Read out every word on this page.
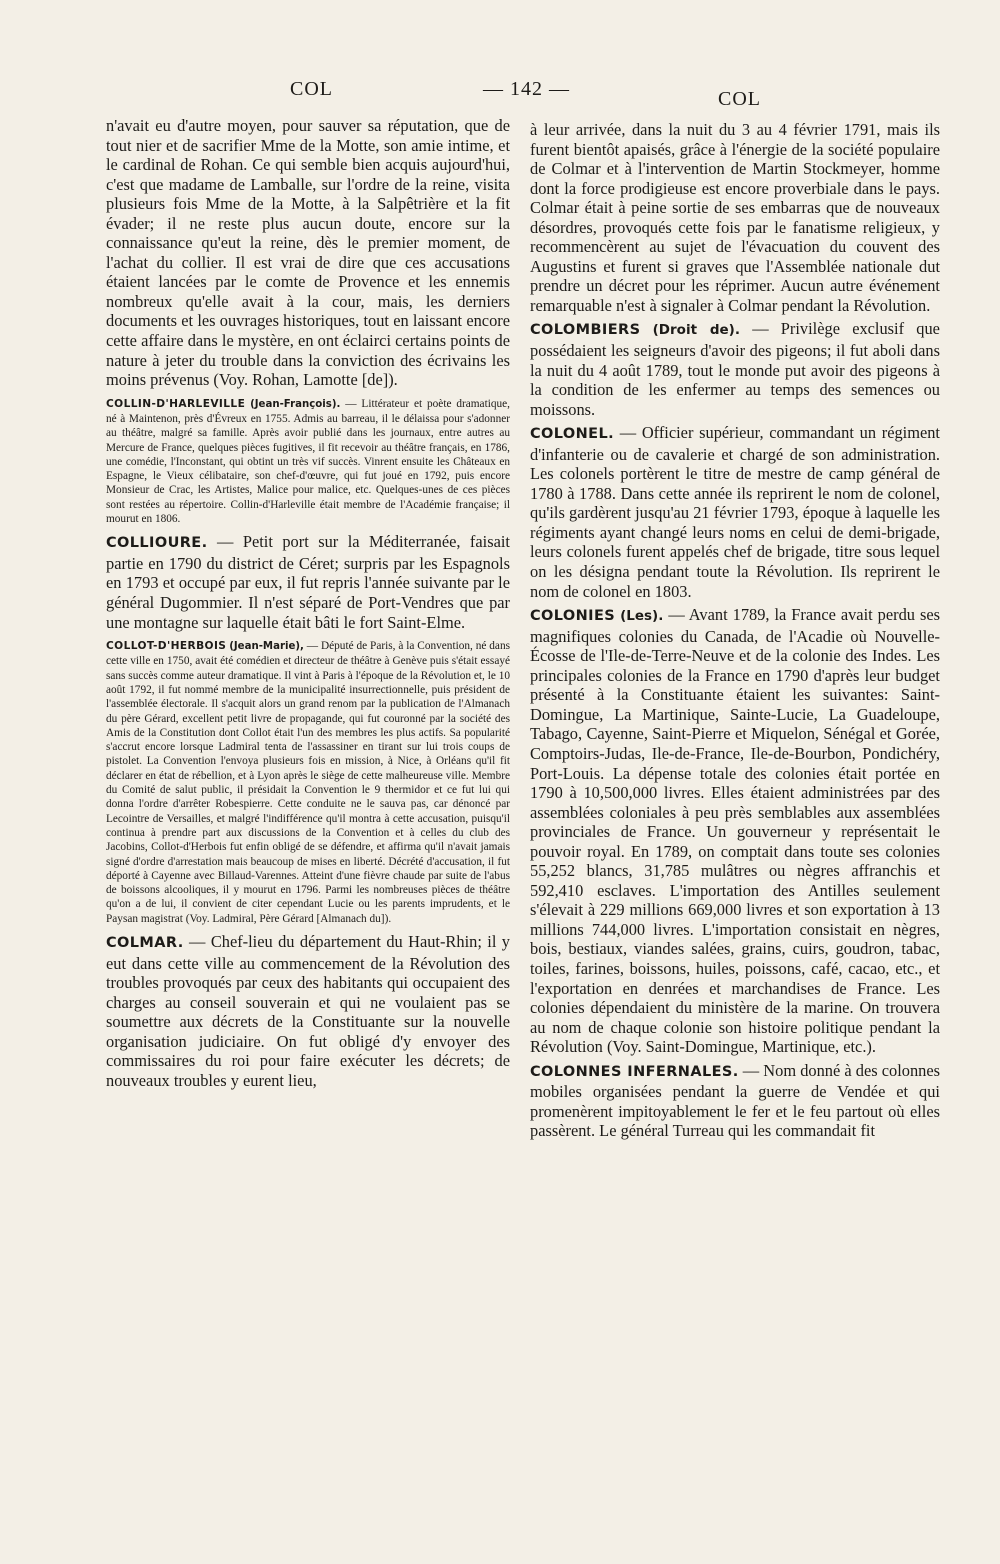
COL	— 142 —	COL

n'avait eu d'autre moyen, pour sauver sa réputation, que de tout nier et de sacrifier Mme de la Motte, son amie intime, et le cardinal de Rohan. Ce qui semble bien acquis aujourd'hui, c'est que madame de Lamballe, sur l'ordre de la reine, visita plusieurs fois Mme de la Motte, à la Salpêtrière et la fit évader; il ne reste plus aucun doute, encore sur la connaissance qu'eut la reine, dès le premier moment, de l'achat du collier. Il est vrai de dire que ces accusations étaient lancées par le comte de Provence et les ennemis nombreux qu'elle avait à la cour, mais, les derniers documents et les ouvrages historiques, tout en laissant encore cette affaire dans le mystère, en ont éclairci certains points de nature à jeter du trouble dans la conviction des écrivains les moins prévenus (Voy. Rohan, Lamotte [de]).

COLLIN-D'HARLEVILLE (Jean-François). — Littérateur et poète dramatique, né à Maintenon, près d'Évreux en 1755. Admis au barreau, il le délaissa pour s'adonner au théâtre, malgré sa famille. Après avoir publié dans les journaux, entre autres au Mercure de France, quelques pièces fugitives, il fit recevoir au théâtre français, en 1786, une comédie, l'Inconstant, qui obtint un très vif succès. Vinrent ensuite les Châteaux en Espagne, le Vieux célibataire, son chef-d'œuvre, qui fut joué en 1792, puis encore Monsieur de Crac, les Artistes, Malice pour malice, etc. Quelques-unes de ces pièces sont restées au répertoire. Collin-d'Harleville était membre de l'Académie française; il mourut en 1806.

COLLIOURE. — Petit port sur la Méditerranée, faisait partie en 1790 du district de Céret; surpris par les Espagnols en 1793 et occupé par eux, il fut repris l'année suivante par le général Dugommier. Il n'est séparé de Port-Vendres que par une montagne sur laquelle était bâti le fort Saint-Elme.

COLLOT-D'HERBOIS (Jean-Marie), — Député de Paris, à la Convention, né dans cette ville en 1750, avait été comédien et directeur de théâtre à Genève puis s'était essayé sans succès comme auteur dramatique. Il vint à Paris à l'époque de la Révolution et, le 10 août 1792, il fut nommé membre de la municipalité insurrectionnelle, puis président de l'assemblée électorale. Il s'acquit alors un grand renom par la publication de l'Almanach du père Gérard, excellent petit livre de propagande, qui fut couronné par la société des Amis de la Constitution dont Collot était l'un des membres les plus actifs. Sa popularité s'accrut encore lorsque Ladmiral tenta de l'assassiner en tirant sur lui trois coups de pistolet. La Convention l'envoya plusieurs fois en mission, à Nice, à Orléans qu'il fit déclarer en état de rébellion, et à Lyon après le siège de cette malheureuse ville. Membre du Comité de salut public, il présidait la Convention le 9 thermidor et ce fut lui qui donna l'ordre d'arrêter Robespierre. Cette conduite ne le sauva pas, car dénoncé par Lecointre de Versailles, et malgré l'indifférence qu'il montra à cette accusation, puisqu'il continua à prendre part aux discussions de la Convention et à celles du club des Jacobins, Collot-d'Herbois fut enfin obligé de se défendre, et affirma qu'il n'avait jamais signé d'ordre d'arrestation mais beaucoup de mises en liberté. Décrété d'accusation, il fut déporté à Cayenne avec Billaud-Varennes. Atteint d'une fièvre chaude par suite de l'abus de boissons alcooliques, il y mourut en 1796. Parmi les nombreuses pièces de théâtre qu'on a de lui, il convient de citer cependant Lucie ou les parents imprudents, et le Paysan magistrat (Voy. Ladmiral, Père Gérard [Almanach du]).

COLMAR. — Chef-lieu du département du Haut-Rhin; il y eut dans cette ville au commencement de la Révolution des troubles provoqués par ceux des habitants qui occupaient des charges au conseil souverain et qui ne voulaient pas se soumettre aux décrets de la Constituante sur la nouvelle organisation judiciaire. On fut obligé d'y envoyer des commissaires du roi pour faire exécuter les décrets; de nouveaux troubles y eurent lieu,

à leur arrivée, dans la nuit du 3 au 4 février 1791, mais ils furent bientôt apaisés, grâce à l'énergie de la société populaire de Colmar et à l'intervention de Martin Stockmeyer, homme dont la force prodigieuse est encore proverbiale dans le pays. Colmar était à peine sortie de ses embarras que de nouveaux désordres, provoqués cette fois par le fanatisme religieux, y recommencèrent au sujet de l'évacuation du couvent des Augustins et furent si graves que l'Assemblée nationale dut prendre un décret pour les réprimer. Aucun autre événement remarquable n'est à signaler à Colmar pendant la Révolution.

COLOMBIERS (Droit de). — Privilège exclusif que possédaient les seigneurs d'avoir des pigeons; il fut aboli dans la nuit du 4 août 1789, tout le monde put avoir des pigeons à la condition de les enfermer au temps des semences ou moissons.

COLONEL. — Officier supérieur, commandant un régiment d'infanterie ou de cavalerie et chargé de son administration. Les colonels portèrent le titre de mestre de camp général de 1780 à 1788. Dans cette année ils reprirent le nom de colonel, qu'ils gardèrent jusqu'au 21 février 1793, époque à laquelle les régiments ayant changé leurs noms en celui de demi-brigade, leurs colonels furent appelés chef de brigade, titre sous lequel on les désigna pendant toute la Révolution. Ils reprirent le nom de colonel en 1803.

COLONIES (Les). — Avant 1789, la France avait perdu ses magnifiques colonies du Canada, de l'Acadie où Nouvelle-Écosse de l'Ile-de-Terre-Neuve et de la colonie des Indes. Les principales colonies de la France en 1790 d'après leur budget présenté à la Constituante étaient les suivantes: Saint-Domingue, La Martinique, Sainte-Lucie, La Guadeloupe, Tabago, Cayenne, Saint-Pierre et Miquelon, Sénégal et Gorée, Comptoirs-Judas, Ile-de-France, Ile-de-Bourbon, Pondichéry, Port-Louis. La dépense totale des colonies était portée en 1790 à 10,500,000 livres. Elles étaient administrées par des assemblées coloniales à peu près semblables aux assemblées provinciales de France. Un gouverneur y représentait le pouvoir royal. En 1789, on comptait dans toute ses colonies 55,252 blancs, 31,785 mulâtres ou nègres affranchis et 592,410 esclaves. L'importation des Antilles seulement s'élevait à 229 millions 669,000 livres et son exportation à 13 millions 744,000 livres. L'importation consistait en nègres, bois, bestiaux, viandes salées, grains, cuirs, goudron, tabac, toiles, farines, boissons, huiles, poissons, café, cacao, etc., et l'exportation en denrées et marchandises de France. Les colonies dépendaient du ministère de la marine. On trouvera au nom de chaque colonie son histoire politique pendant la Révolution (Voy. Saint-Domingue, Martinique, etc.).

COLONNES INFERNALES. — Nom donné à des colonnes mobiles organisées pendant la guerre de Vendée et qui promenèrent impitoyablement le fer et le feu partout où elles passèrent. Le général Turreau qui les commandait fit
